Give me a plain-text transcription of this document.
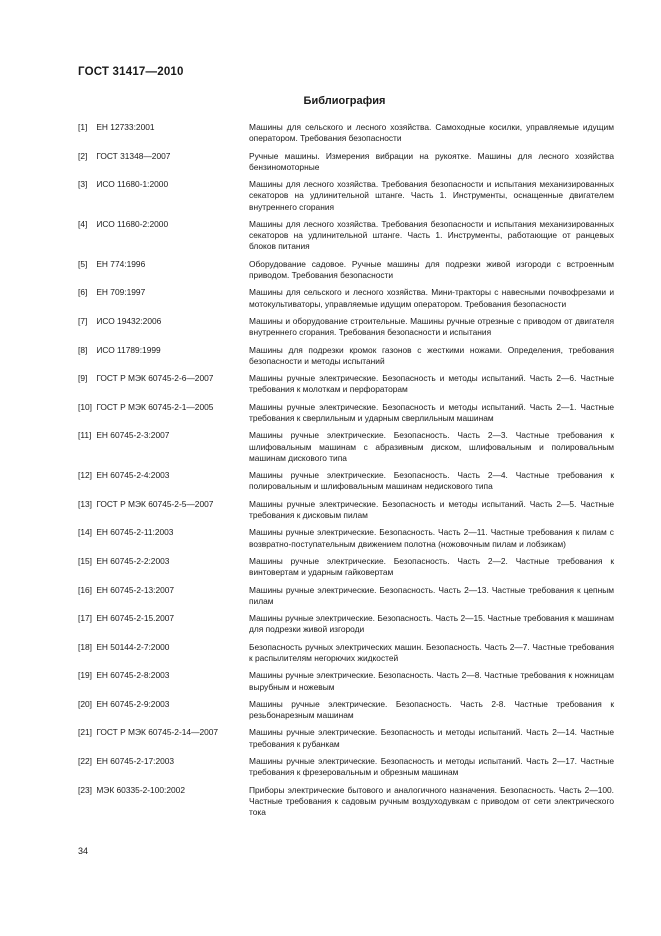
ГОСТ 31417—2010
Библиография
[1] ЕН 12733:2001	Машины для сельского и лесного хозяйства. Самоходные косилки, управляемые идущим оператором. Требования безопасности
[2] ГОСТ 31348—2007	Ручные машины. Измерения вибрации на рукоятке. Машины для лесного хозяйства бензиномоторные
[3] ИСО 11680-1:2000	Машины для лесного хозяйства. Требования безопасности и испытания механизированных секаторов на удлинительной штанге. Часть 1. Инструменты, оснащенные двигателем внутреннего сгорания
[4] ИСО 11680-2:2000	Машины для лесного хозяйства. Требования безопасности и испытания механизированных секаторов на удлинительной штанге. Часть 1. Инструменты, работающие от ранцевых блоков питания
[5] ЕН 774:1996	Оборудование садовое. Ручные машины для подрезки живой изгороди с встроенным приводом. Требования безопасности
[6] ЕН 709:1997	Машины для сельского и лесного хозяйства. Мини-тракторы с навесными почвофрезами и мотокультиваторы, управляемые идущим оператором. Требования безопасности
[7] ИСО 19432:2006	Машины и оборудование строительные. Машины ручные отрезные с приводом от двигателя внутреннего сгорания. Требования безопасности и испытания
[8] ИСО 11789:1999	Машины для подрезки кромок газонов с жесткими ножами. Определения, требования безопасности и методы испытаний
[9] ГОСТ Р МЭК 60745-2-6—2007	Машины ручные электрические. Безопасность и методы испытаний. Часть 2—6. Частные требования к молоткам и перфораторам
[10] ГОСТ Р МЭК 60745-2-1—2005	Машины ручные электрические. Безопасность и методы испытаний. Часть 2—1. Частные требования к сверлильным и ударным сверлильным машинам
[11] ЕН 60745-2-3:2007	Машины ручные электрические. Безопасность. Часть 2—3. Частные требования к шлифовальным машинам с абразивным диском, шлифовальным и полировальным машинам дискового типа
[12] ЕН 60745-2-4:2003	Машины ручные электрические. Безопасность. Часть 2—4. Частные требования к полировальным и шлифовальным машинам недискового типа
[13] ГОСТ Р МЭК 60745-2-5—2007	Машины ручные электрические. Безопасность и методы испытаний. Часть 2—5. Частные требования к дисковым пилам
[14] ЕН 60745-2-11:2003	Машины ручные электрические. Безопасность. Часть 2—11. Частные требования к пилам с возвратно-поступательным движением полотна (ножовочным пилам и лобзикам)
[15] ЕН 60745-2-2:2003	Машины ручные электрические. Безопасность. Часть 2—2. Частные требования к винтовертам и ударным гайковертам
[16] ЕН 60745-2-13:2007	Машины ручные электрические. Безопасность. Часть 2—13. Частные требования к цепным пилам
[17] ЕН 60745-2-15.2007	Машины ручные электрические. Безопасность. Часть 2—15. Частные требования к машинам для подрезки живой изгороди
[18] ЕН 50144-2-7:2000	Безопасность ручных электрических машин. Безопасность. Часть 2—7. Частные требования к распылителям негорючих жидкостей
[19] ЕН 60745-2-8:2003	Машины ручные электрические. Безопасность. Часть 2—8. Частные требования к ножницам вырубным и ножевым
[20] ЕН 60745-2-9:2003	Машины ручные электрические. Безопасность. Часть 2-8. Частные требования к резьбонарезным машинам
[21] ГОСТ Р МЭК 60745-2-14—2007	Машины ручные электрические. Безопасность и методы испытаний. Часть 2—14. Частные требования к рубанкам
[22] ЕН 60745-2-17:2003	Машины ручные электрические. Безопасность и методы испытаний. Часть 2—17. Частные требования к фрезеровальным и обрезным машинам
[23] МЭК 60335-2-100:2002	Приборы электрические бытового и аналогичного назначения. Безопасность. Часть 2—100. Частные требования к садовым ручным воздуходувкам с приводом от сети электрического тока
34
